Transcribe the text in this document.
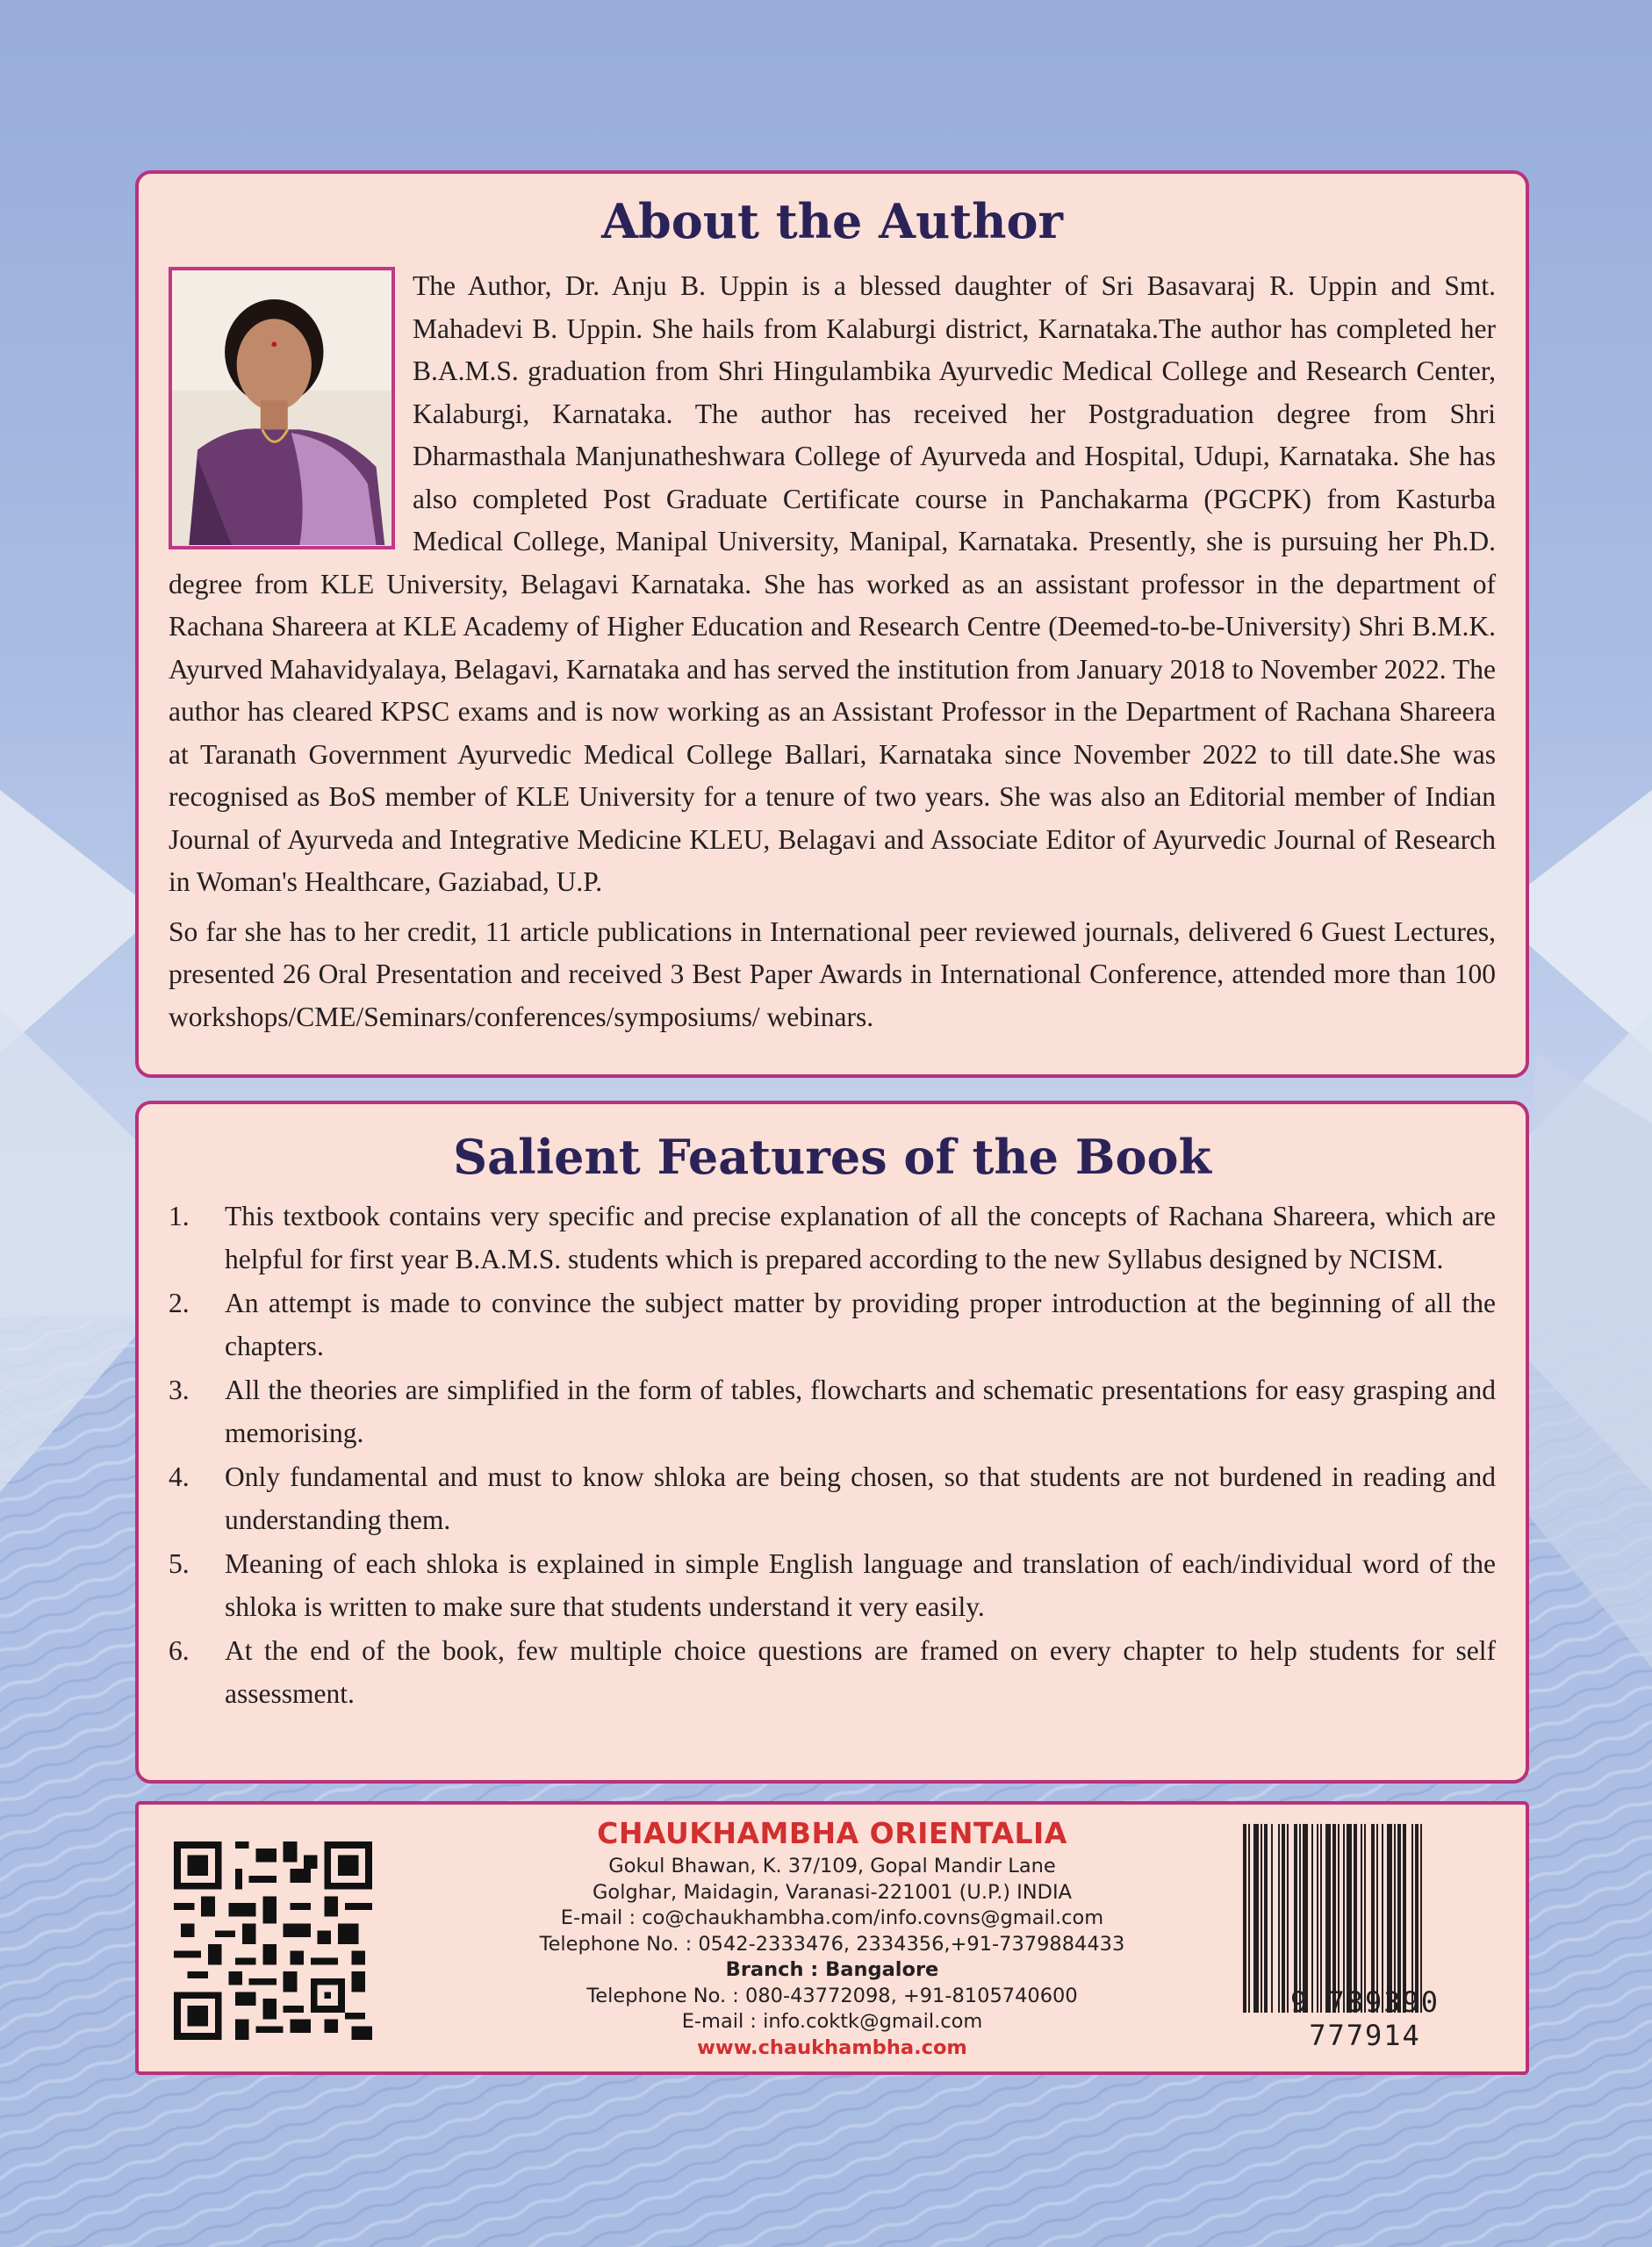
About the Author

The Author, Dr. Anju B. Uppin is a blessed daughter of Sri Basavaraj R. Uppin and Smt. Mahadevi B. Uppin. She hails from Kalaburgi district, Karnataka.The author has completed her B.A.M.S. graduation from Shri Hingulambika Ayurvedic Medical College and Research Center, Kalaburgi, Karnataka. The author has received her Postgraduation degree from Shri Dharmasthala Manjunatheshwara College of Ayurveda and Hospital, Udupi, Karnataka. She has also completed Post Graduate Certificate course in Panchakarma (PGCPK) from Kasturba Medical College, Manipal University, Manipal, Karnataka. Presently, she is pursuing her Ph.D. degree from KLE University, Belagavi Karnataka. She has worked as an assistant professor in the department of Rachana Shareera at KLE Academy of Higher Education and Research Centre (Deemed-to-be-University) Shri B.M.K. Ayurved Mahavidyalaya, Belagavi, Karnataka and has served the institution from January 2018 to November 2022. The author has cleared KPSC exams and is now working as an Assistant Professor in the Department of Rachana Shareera at Taranath Government Ayurvedic Medical College Ballari, Karnataka since November 2022 to till date.She was recognised as BoS member of KLE University for a tenure of two years. She was also an Editorial member of Indian Journal of Ayurveda and Integrative Medicine KLEU, Belagavi and Associate Editor of Ayurvedic Journal of Research in Woman's Healthcare, Gaziabad, U.P.

So far she has to her credit, 11 article publications in International peer reviewed journals, delivered 6 Guest Lectures, presented 26 Oral Presentation and received 3 Best Paper Awards in International Conference, attended more than 100 workshops/CME/Seminars/conferences/symposiums/ webinars.

Salient Features of the Book
1. This textbook contains very specific and precise explanation of all the concepts of Rachana Shareera, which are helpful for first year B.A.M.S. students which is prepared according to the new Syllabus designed by NCISM.
2. An attempt is made to convince the subject matter by providing proper introduction at the beginning of all the chapters.
3. All the theories are simplified in the form of tables, flowcharts and schematic presentations for easy grasping and memorising.
4. Only fundamental and must to know shloka are being chosen, so that students are not burdened in reading and understanding them.
5. Meaning of each shloka is explained in simple English language and translation of each/individual word of the shloka is written to make sure that students understand it very easily.
6. At the end of the book, few multiple choice questions are framed on every chapter to help students for self assessment.
CHAUKHAMBHA ORIENTALIA
Gokul Bhawan, K. 37/109, Gopal Mandir Lane
Golghar, Maidagin, Varanasi-221001 (U.P.) INDIA
E-mail : co@chaukhambha.com/info.covns@gmail.com
Telephone No. : 0542-2333476, 2334356,+91-7379884433
Branch : Bangalore
Telephone No. : 080-43772098, +91-8105740600
E-mail : info.coktk@gmail.com
www.chaukhambha.com
9 789390 777914
